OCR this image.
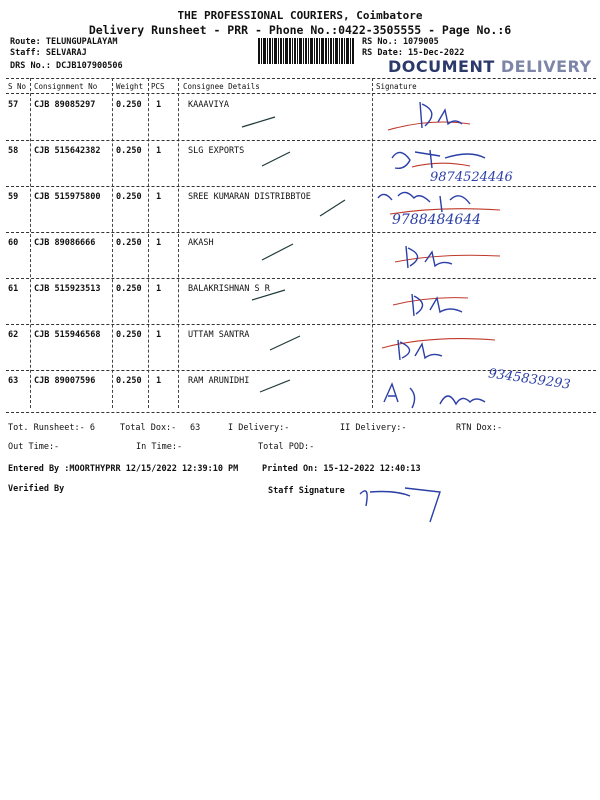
THE PROFESSIONAL COURIERS, Coimbatore
Delivery Runsheet - PRR - Phone No.:0422-3505555 - Page No.:6
Route: TELUNGUPALAYAM
Staff: SELVARAJ
DRS No.: DCJB107900506
RS No.: 1079005
RS Date: 15-Dec-2022
DOCUMENT DELIVERY
S No Consignment No	Weight PCS Consignee Details	Signature
57 CJB 89085297 0.250 1	KAAAVIYA
58 CJB 515642382 0.250 1	SLG EXPORTS
59 CJB 515975800 0.250 1	SREE KUMARAN DISTRIBBTOE
60 CJB 89086666 0.250 1	AKASH
61 CJB 515923513 0.250 1	BALAKRISHNAN S R
62 CJB 515946568 0.250 1	UTTAM SANTRA
63 CJB 89007596 0.250 1	RAM ARUNIDHI
9874524446
9788484644
9345839293
Tot. Runsheet:- 6	Total Dox:- 63	I Delivery:-	II Delivery:-	RTN Dox:-
Out Time:-	In Time:-	Total POD:-
Entered By :MOORTHYPRR 12/15/2022 12:39:10 PM	Printed On: 15-12-2022 12:40:13
Verified By	Staff Signature
